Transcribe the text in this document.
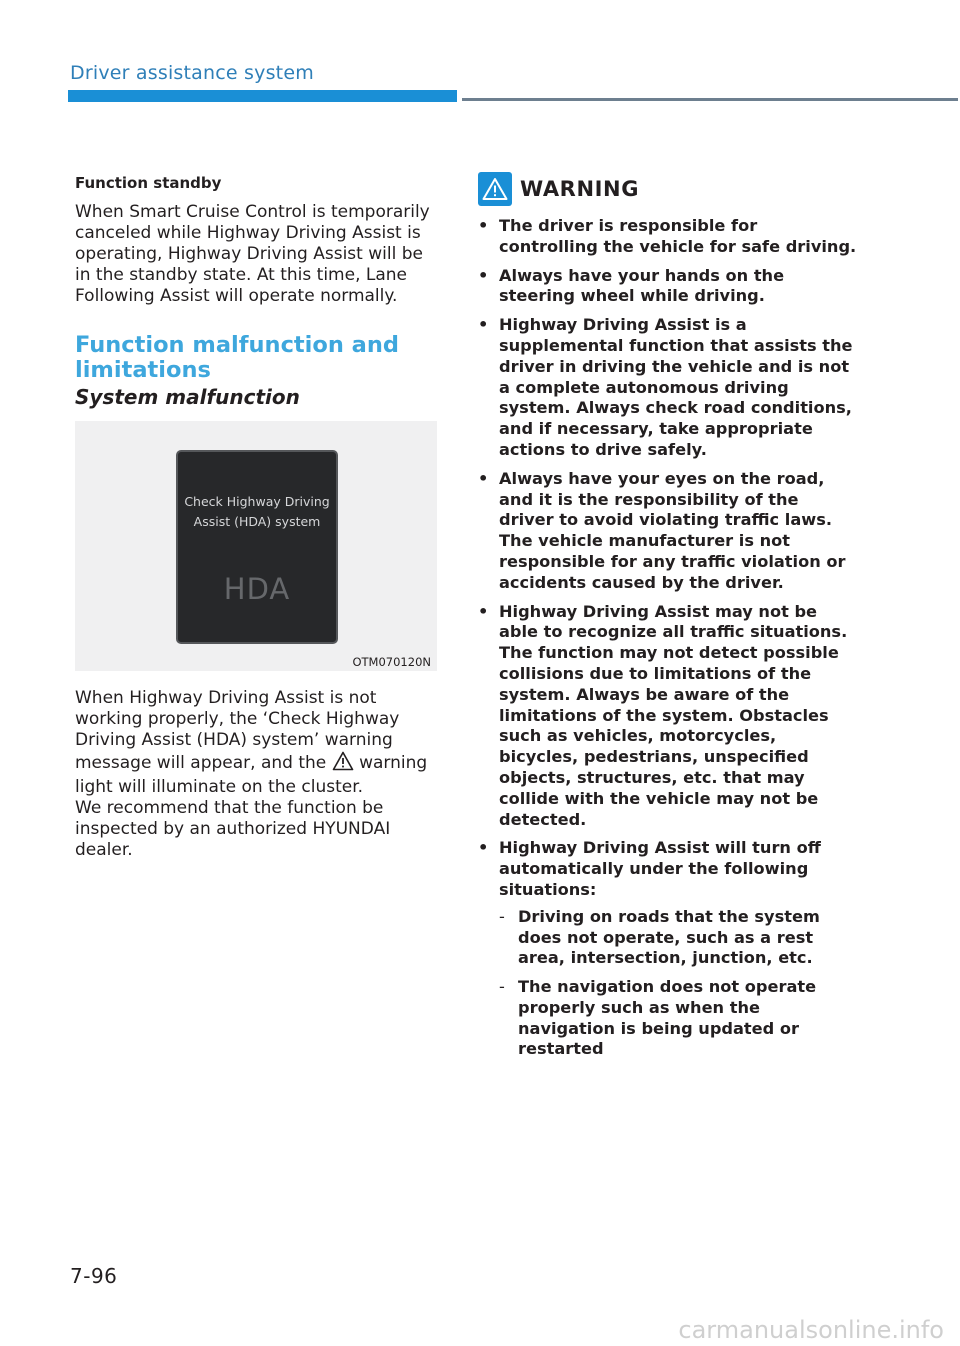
Driver assistance system

Function standby

When Smart Cruise Control is temporarily canceled while Highway Driving Assist is operating, Highway Driving Assist will be in the standby state. At this time, Lane Following Assist will operate normally.

Function malfunction and
limitations

System malfunction

Check Highway Driving
Assist (HDA) system
HDA
OTM070120N

When Highway Driving Assist is not working properly, the ‘Check Highway Driving Assist (HDA) system’ warning message will appear, and the warning light will illuminate on the cluster.

We recommend that the function be inspected by an authorized HYUNDAI dealer.

WARNING
• The driver is responsible for controlling the vehicle for safe driving.
• Always have your hands on the steering wheel while driving.
• Highway Driving Assist is a supplemental function that assists the driver in driving the vehicle and is not a complete autonomous driving system. Always check road conditions, and if necessary, take appropriate actions to drive safely.
• Always have your eyes on the road, and it is the responsibility of the driver to avoid violating traffic laws. The vehicle manufacturer is not responsible for any traffic violation or accidents caused by the driver.
• Highway Driving Assist may not be able to recognize all traffic situations. The function may not detect possible collisions due to limitations of the system. Always be aware of the limitations of the system. Obstacles such as vehicles, motorcycles, bicycles, pedestrians, unspecified objects, structures, etc. that may collide with the vehicle may not be detected.
• Highway Driving Assist will turn off automatically under the following situations:
- Driving on roads that the system does not operate, such as a rest area, intersection, junction, etc.
- The navigation does not operate properly such as when the navigation is being updated or restarted
7-96
carmanualsonline.info
